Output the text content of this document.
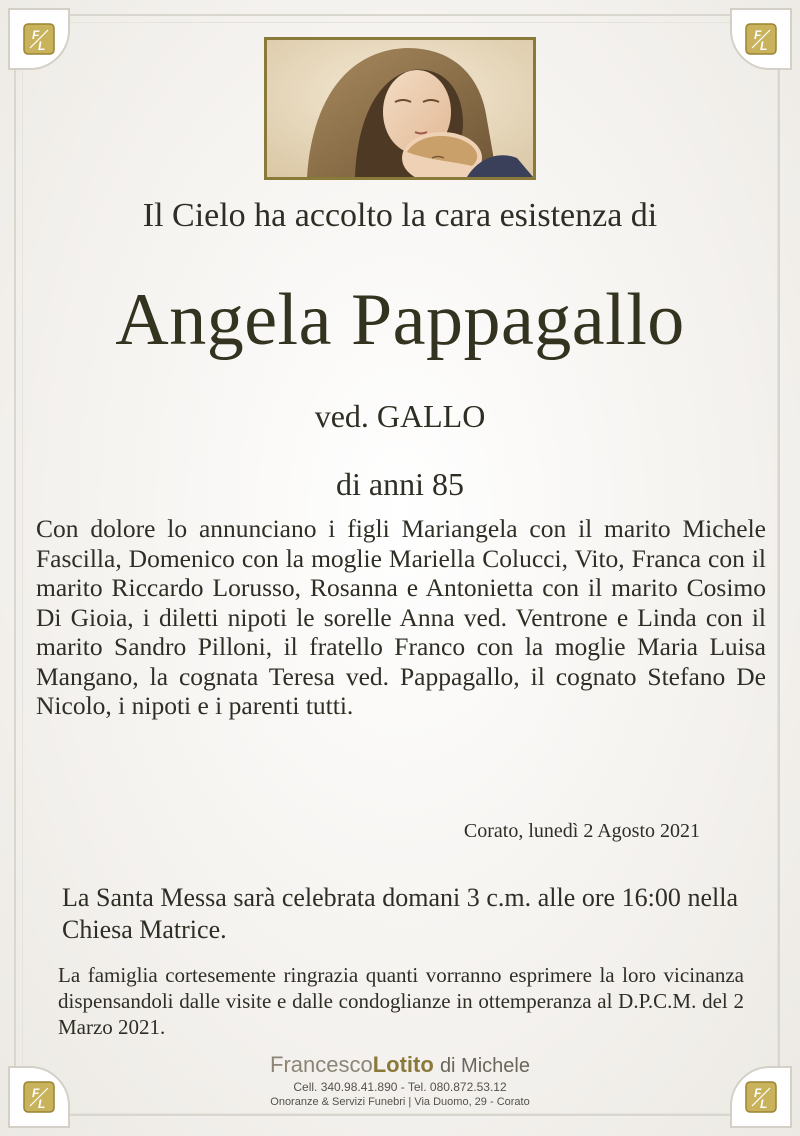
F
L
F
L
F
L
F
L
Il Cielo ha accolto la cara esistenza di
Angela Pappagallo
ved. GALLO
di anni 85
Con dolore lo annunciano i figli Mariangela con il marito Michele Fascilla, Domenico con la moglie Mariella Colucci, Vito, Franca con il marito Riccardo Lorusso, Rosanna e Antonietta con il marito Cosimo Di Gioia, i diletti nipoti le sorelle Anna ved. Ventrone e Linda con il marito Sandro Pilloni, il fratello Franco con la moglie Maria Luisa Mangano, la cognata Teresa ved. Pappagallo, il cognato Stefano De Nicolo, i nipoti e i parenti tutti.
Corato, lunedì 2 Agosto 2021
La Santa Messa sarà celebrata domani 3 c.m. alle ore 16:00 nella Chiesa Matrice.
La famiglia cortesemente ringrazia quanti vorranno esprimere la loro vicinanza dispensandoli dalle visite e dalle condoglianze in ottemperanza al D.P.C.M. del 2 Marzo 2021.
FrancescoLotito di Michele
Cell. 340.98.41.890 - Tel. 080.872.53.12
Onoranze & Servizi Funebri | Via Duomo, 29 - Corato
